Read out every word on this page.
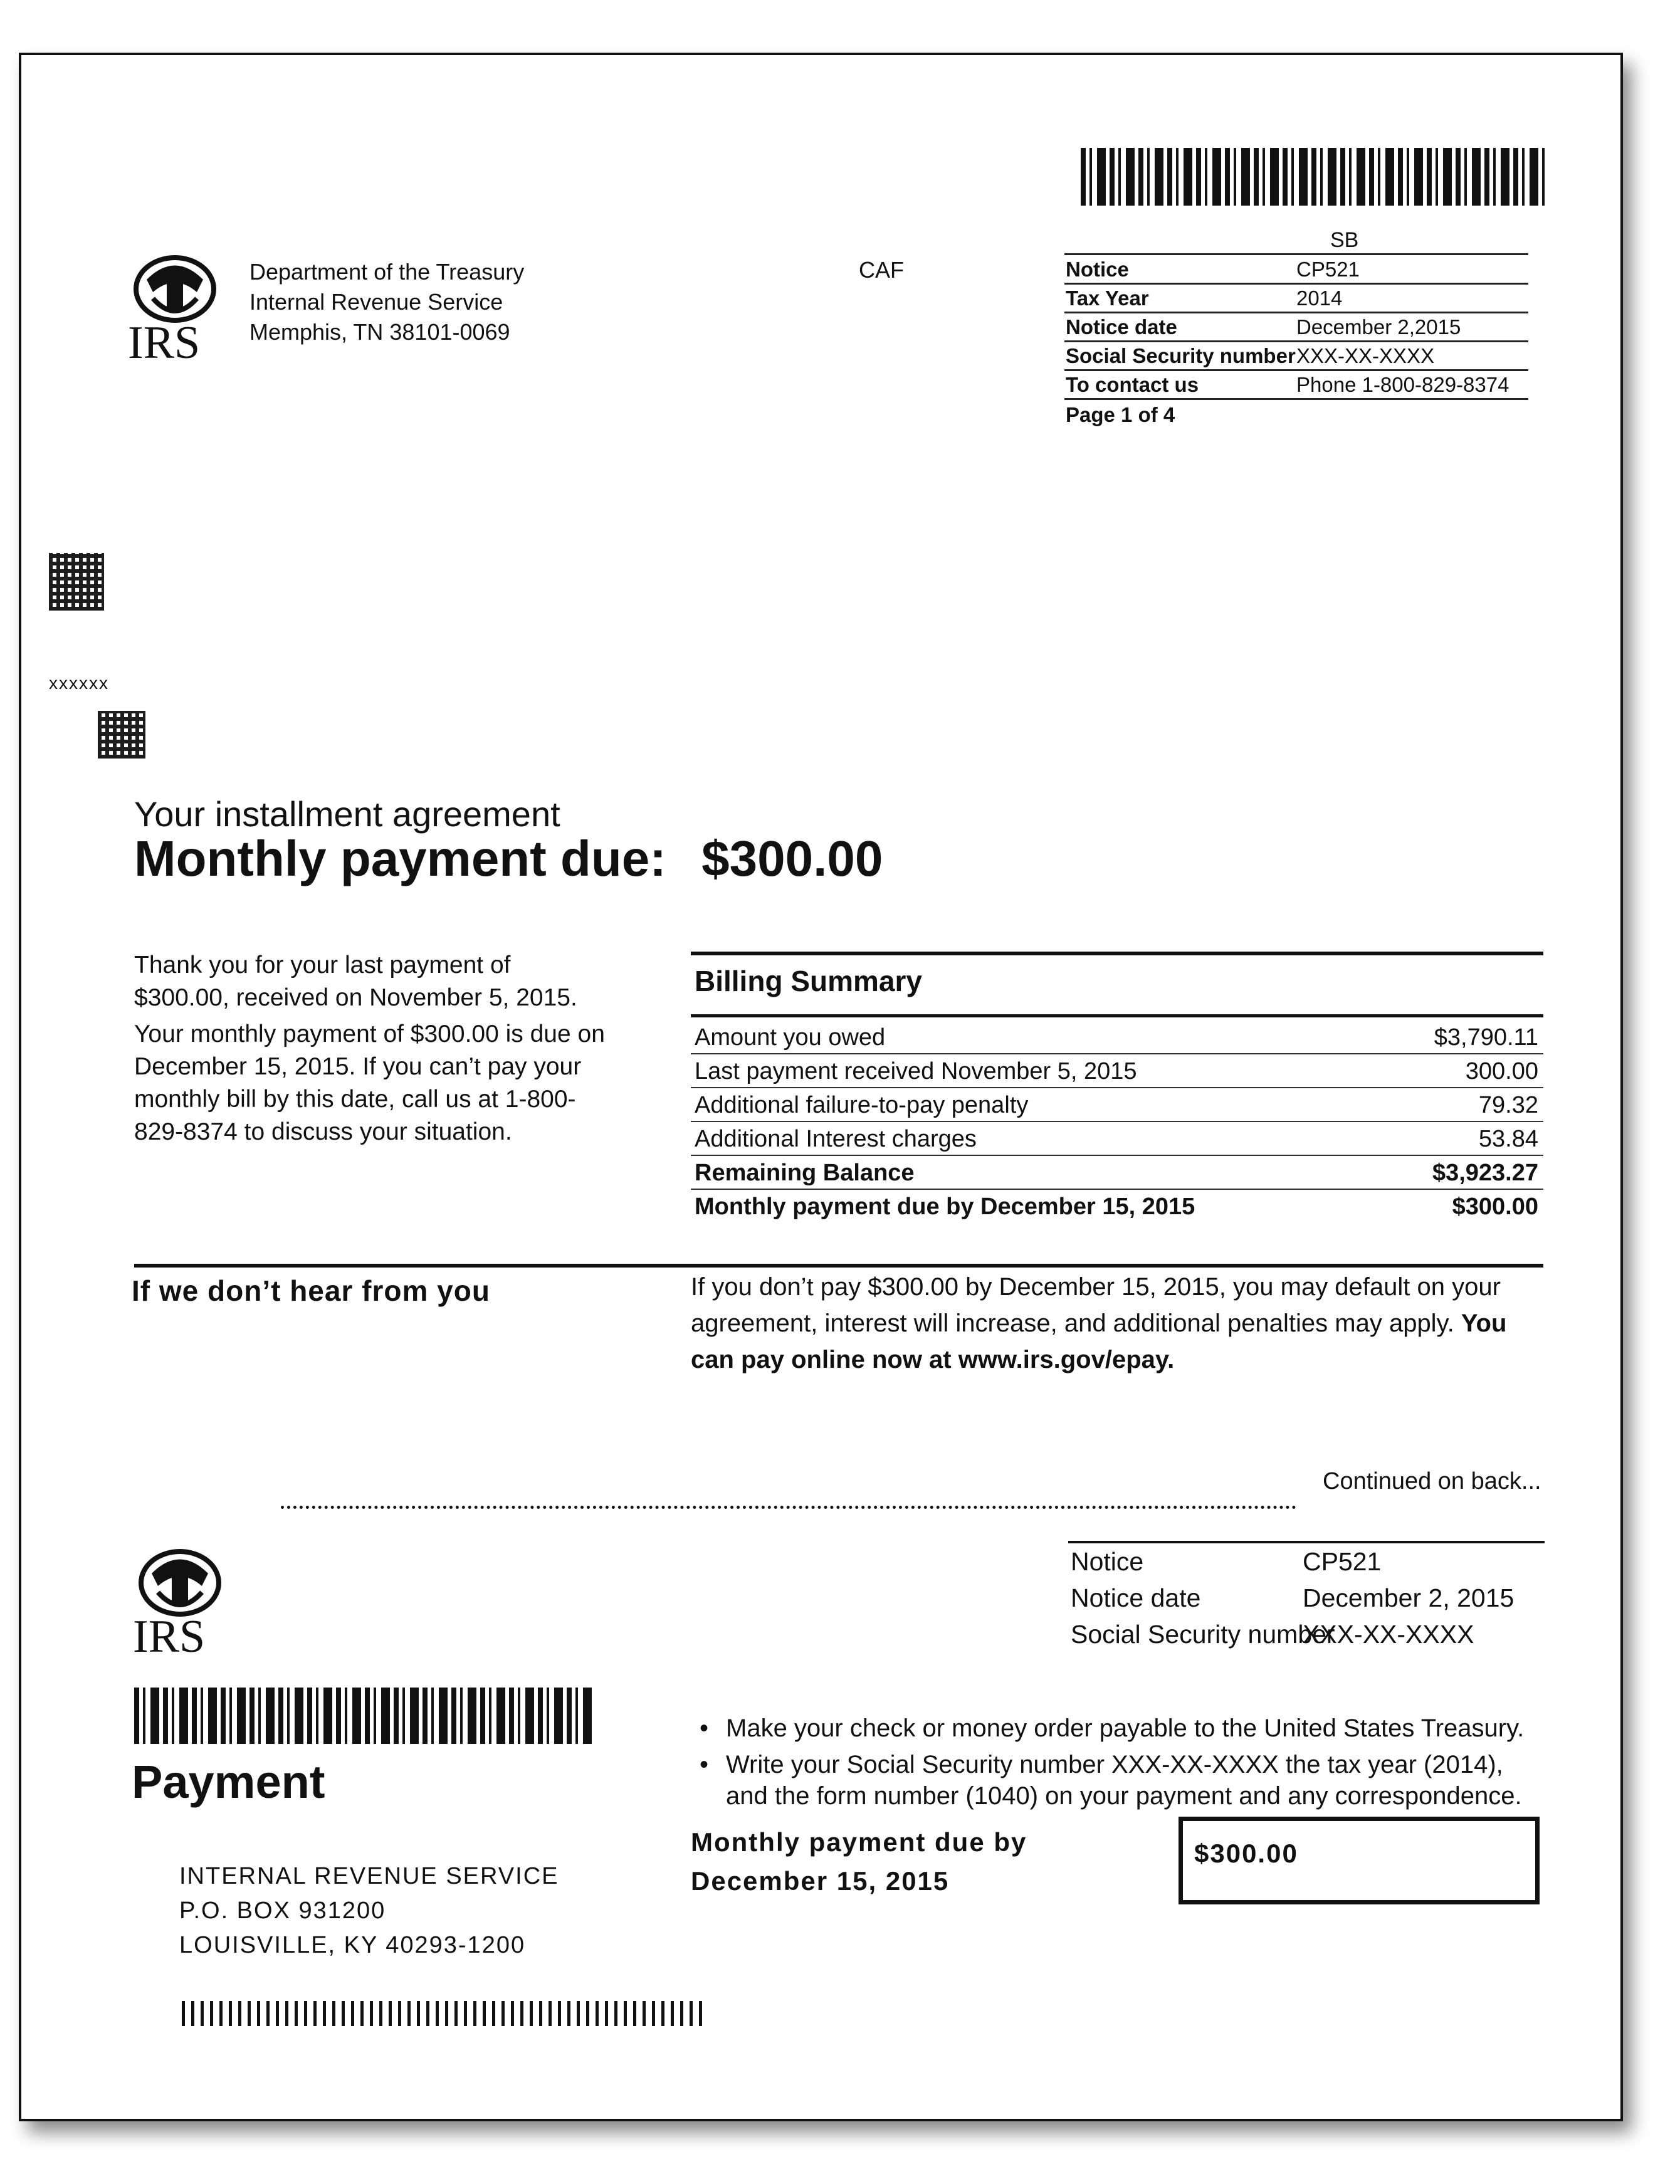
IRS
Department of the Treasury
Internal Revenue Service
Memphis, TN 38101-0069
CAF
SB
Notice	CP521
Tax Year	2014
Notice date	December 2,2015
Social Security number XXX-XX-XXXX
To contact us	Phone 1-800-829-8374
Page 1 of 4
xxxxxx
Your installment agreement
Monthly payment due: $300.00
Thank you for your last payment of $300.00, received on November 5, 2015.
Your monthly payment of $300.00 is due on December 15, 2015. If you can’t pay your monthly bill by this date, call us at 1-800-829-8374 to discuss your situation.
Billing Summary
Amount you owed	$3,790.11
Last payment received November 5, 2015	300.00
Additional failure-to-pay penalty	79.32
Additional Interest charges	53.84
Remaining Balance	$3,923.27
Monthly payment due by December 15, 2015	$300.00
If we don’t hear from you	If you don’t pay $300.00 by December 15, 2015, you may default on your agreement, interest will increase, and additional penalties may apply. You can pay online now at www.irs.gov/epay.
Continued on back...
IRS
Notice	CP521
Notice date	December 2, 2015
Social Security number
XXX-XX-XXXX
Payment
• Make your check or money order payable to the United States Treasury.
• Write your Social Security number XXX-XX-XXXX the tax year (2014), and the form number (1040) on your payment and any correspondence.
Monthly payment due by
December 15, 2015
$300.00
INTERNAL REVENUE SERVICE
P.O. BOX 931200
LOUISVILLE, KY 40293-1200
